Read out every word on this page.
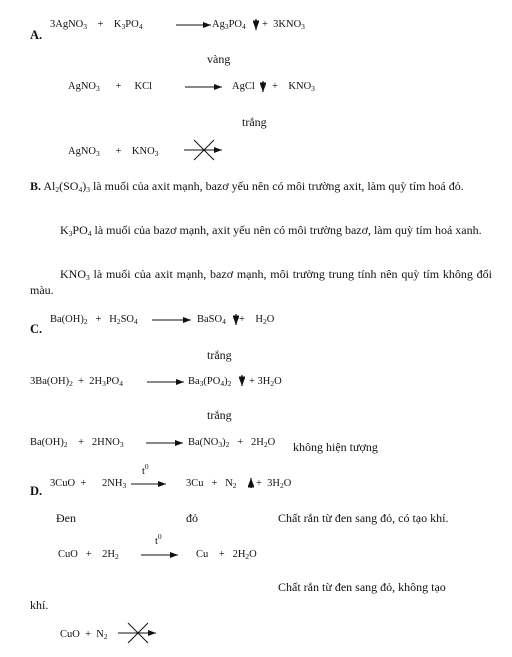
A.
3AgNO$_3$ + $K_3PO_4$	→ $Ag_3PO_4 + 3KNO_3$
vàng
AgNO$_3$ + KCl	→ AgCl + $KNO_3$
trắng
AgNO$_3$ + $KNO_3$
B. $Al_2(SO_4)_3$ là muối của axit mạnh, bazơ yếu nên có môi trường axit, làm quỳ tím hoá đỏ.
$K_3PO_4$ là muối của bazơ mạnh, axit yếu nên có môi trường bazơ, làm quỳ tím hoá xanh.
$KNO_3$ là muối của axit mạnh, bazơ mạnh, môi trường trung tính nên quỳ tím không đổi màu.
C.
$Ba(OH)_2 + H_2SO_4$ → BaSO$_4$ + $H_2O$
trắng
$3Ba(OH)_2 + 2H_3PO_4 \to Ba_3(PO_4)_2 + 3H_2O$
trắng
$Ba(OH)_2 + 2HNO_3 \to Ba(NO_3)_2 + 2H_2O$ không hiện tượng
D.
$3CuO + 2NH_3$
$t^0$
$3Cu + N_2 + 3H_2O$
Đen	đỏ	Chất rắn từ đen sang đỏ, có tạo khí.
CuO + $2H_2$
$t^0$
→ $Cu + 2H_2O$
Chất rắn từ đen sang đỏ, không tạo
khí.
CuO + $N_2$
